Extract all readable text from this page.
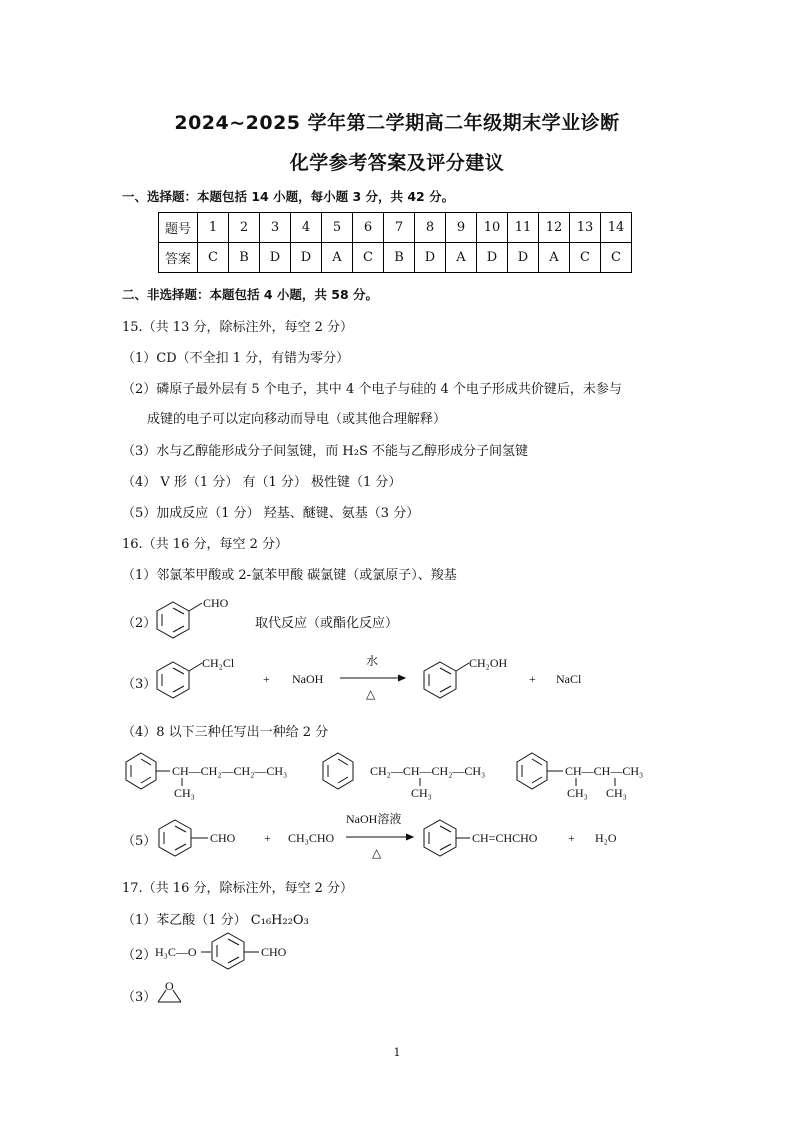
2024~2025 学年第二学期高二年级期末学业诊断
化学参考答案及评分建议
一、选择题：本题包括 14 小题，每小题 3 分，共 42 分。
题号	1	2	3	4	5	6	7	8	9	10	11	12	13	14
答案	C	B	D	D	A	C	B	D	A	D	D	A	C	C
二、非选择题：本题包括 4 小题，共 58 分。
15.（共 13 分，除标注外，每空 2 分）
（1）CD（不全扣 1 分，有错为零分）
（2）磷原子最外层有 5 个电子，其中 4 个电子与硅的 4 个电子形成共价键后，未参与
成键的电子可以定向移动而导电（或其他合理解释）
（3）水与乙醇能形成分子间氢键，而 H₂S 不能与乙醇形成分子间氢键
（4） V 形（1 分） 有（1 分） 极性键（1 分）
（5）加成反应（1 分） 羟基、醚键、氨基（3 分）
16.（共 16 分，每空 2 分）
（1）邻氯苯甲酸或 2-氯苯甲酸 碳氯键（或氯原子）、羧基
（2）
CHO
取代反应（或酯化反应）
（3）
CH₂Cl
+ NaOH
水
△
CH₂OH
+ NaCl
（4）8 以下三种任写出一种给 2 分
CH—CH₂—CH₂—CH₃
CH₃
CH₂—CH—CH₂—CH₃
CH₃
CH—CH—CH₃
CH₃ CH₃
（5）	CHO + CH₃CHO
NaOH溶液
△
CH=CHCHO	+ H₂O
17.（共 16 分，除标注外，每空 2 分）
（1）苯乙酸（1 分） C₁₆H₂₂O₃
（2）
H₃C—O	CHO
（3）
O
1
